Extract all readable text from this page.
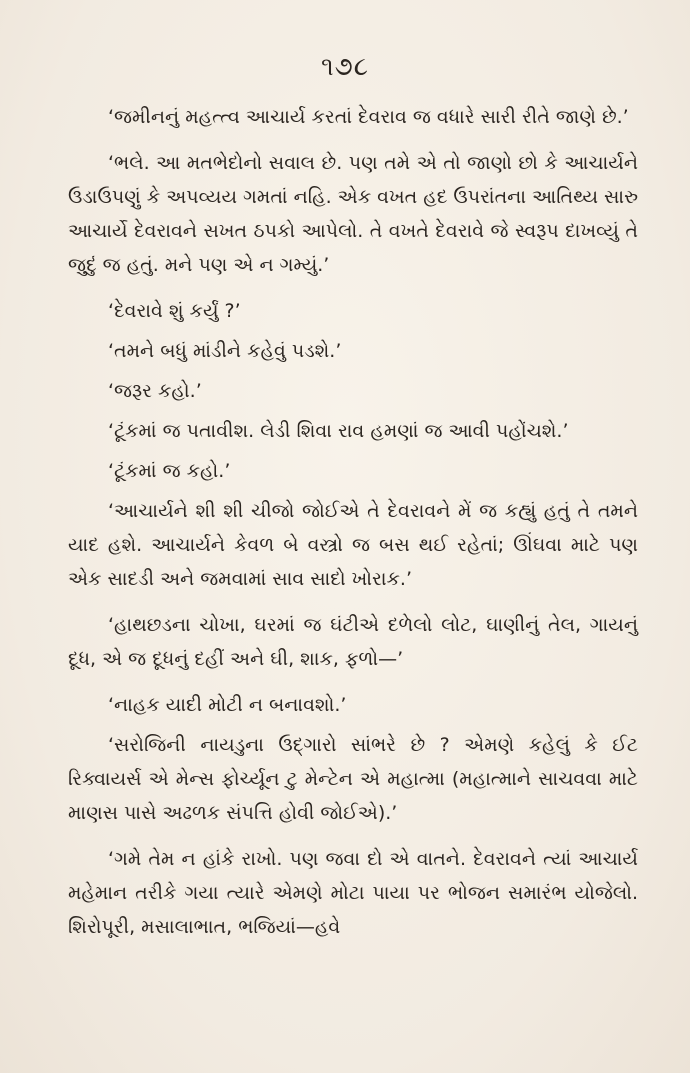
૧૭૮

‘જમીનનું મહત્ત્વ આચાર્ય કરતાં દેવરાવ જ વધારે સારી રીતે જાણે છે.’

‘ભલે. આ મતભેદોનો સવાલ છે. પણ તમે એ તો જાણો છો કે આચાર્યને ઉડાઉપણું કે અપવ્યય ગમતાં નહિ. એક વખત હદ ઉપરાંતના આતિથ્ય સારુ આચાર્યે દેવરાવને સખત ઠપકો આપેલો. તે વખતે દેવરાવે જે સ્વરૂપ દાખવ્યું તે જુદું જ હતું. મને પણ એ ન ગમ્યું.’

‘દેવરાવે શું કર્યું ?’

‘તમને બધું માંડીને કહેવું પડશે.’

‘જરૂર કહો.’

‘ટૂંકમાં જ પતાવીશ. લેડી શિવા રાવ હમણાં જ આવી પહોંચશે.’

‘ટૂંકમાં જ કહો.’

‘આચાર્યને શી શી ચીજો જોઈએ તે દેવરાવને મેં જ કહ્યું હતું તે તમને યાદ હશે. આચાર્યને કેવળ બે વસ્ત્રો જ બસ થઈ રહેતાં; ઊંઘવા માટે પણ એક સાદડી અને જમવામાં સાવ સાદો ખોરાક.’

‘હાથછડના ચોખા, ઘરમાં જ ઘંટીએ દળેલો લોટ, ઘાણીનું તેલ, ગાયનું દૂધ, એ જ દૂધનું દહીં અને ઘી, શાક, ફળો—’

‘નાહક યાદી મોટી ન બનાવશો.’

‘સરોજિની નાયડુના ઉદ્‌ગારો સાંભરે છે ? એમણે કહેલું કે ઈટ રિક્વાયર્સ એ મેન્સ ફોર્ચ્યૂન ટુ મેન્ટેન એ મહાત્મા (મહાત્માને સાચવવા માટે માણસ પાસે અઢળક સંપત્તિ હોવી જોઈએ).’

‘ગમે તેમ ન હાંકે રાખો. પણ જવા દો એ વાતને. દેવરાવને ત્યાં આચાર્ય મહેમાન તરીકે ગયા ત્યારે એમણે મોટા પાયા પર ભોજન સમારંભ યોજેલો. શિરોપૂરી, મસાલાભાત, ભજિયાં—હવે
